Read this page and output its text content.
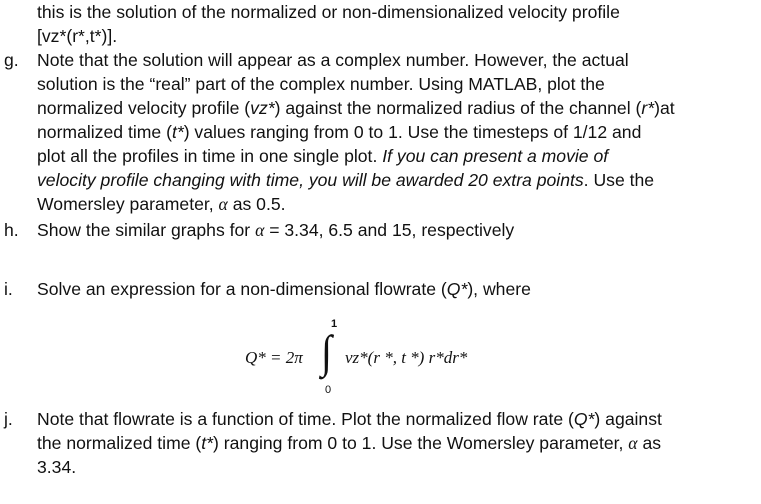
this is the solution of the normalized or non-dimensionalized velocity profile
[vz*(r*,t*)].
g. Note that the solution will appear as a complex number. However, the actual
solution is the “real” part of the complex number. Using MATLAB, plot the
normalized velocity profile (vz*) against the normalized radius of the channel (r*)at
normalized time (t*) values ranging from 0 to 1. Use the timesteps of 1/12 and
plot all the profiles in time in one single plot. If you can present a movie of
velocity profile changing with time, you will be awarded 20 extra points. Use the
Womersley parameter, α as 0.5.
h. Show the similar graphs for α = 3.34, 6.5 and 15, respectively
i. Solve an expression for a non-dimensional flowrate (Q*), where
Q* = 2π
1
∫
0
vz*(r *, t *) r*dr*
j. Note that flowrate is a function of time. Plot the normalized flow rate (Q*) against
the normalized time (t*) ranging from 0 to 1. Use the Womersley parameter, α as
3.34.
